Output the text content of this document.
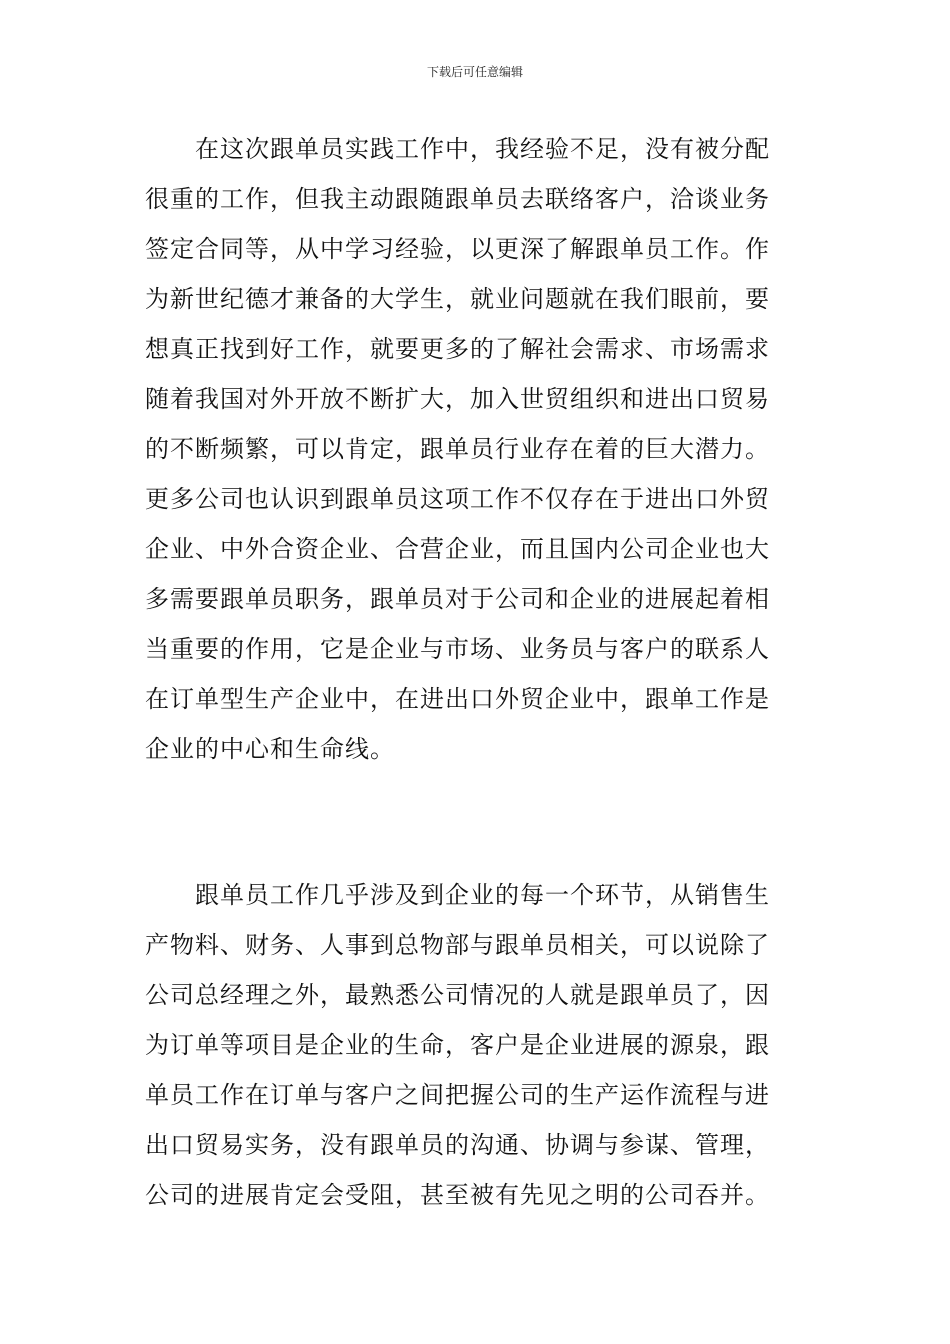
下载后可任意编辑
在这次跟单员实践工作中，我经验不足，没有被分配
很重的工作，但我主动跟随跟单员去联络客户，洽谈业务
签定合同等，从中学习经验，以更深了解跟单员工作。作
为新世纪德才兼备的大学生，就业问题就在我们眼前，要
想真正找到好工作，就要更多的了解社会需求、市场需求
随着我国对外开放不断扩大，加入世贸组织和进出口贸易
的不断频繁，可以肯定，跟单员行业存在着的巨大潜力。
更多公司也认识到跟单员这项工作不仅存在于进出口外贸
企业、中外合资企业、合营企业，而且国内公司企业也大
多需要跟单员职务，跟单员对于公司和企业的进展起着相
当重要的作用，它是企业与市场、业务员与客户的联系人
在订单型生产企业中，在进出口外贸企业中，跟单工作是
企业的中心和生命线。
跟单员工作几乎涉及到企业的每一个环节，从销售生
产物料、财务、人事到总物部与跟单员相关，可以说除了
公司总经理之外，最熟悉公司情况的人就是跟单员了，因
为订单等项目是企业的生命，客户是企业进展的源泉，跟
单员工作在订单与客户之间把握公司的生产运作流程与进
出口贸易实务，没有跟单员的沟通、协调与参谋、管理，
公司的进展肯定会受阻，甚至被有先见之明的公司吞并。
